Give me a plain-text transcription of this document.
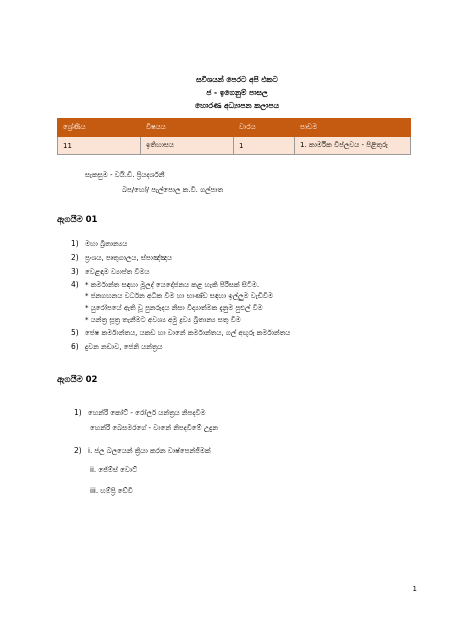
සවිශයන් පෙරට අපි එකට
ජ - ඉගෙනුම් පාසල
හොරණ අධ්‍යාපන කලාපය
ශ්‍රේණිය	විෂයය	වාරය	පාඩම
11	ඉතිහාසය	1	1. කාර්මික විප්ලවය - පිළිතුරු
සැකසුම - වයි.ඩී. ප්‍රියදර්ශනී
බප/හෝ/ පැල්පොල ක.වි. ගල්පාත
ඇගයීම 01
1) මහා බ්‍රිතාන්‍යය
2) ප්‍රංශය, පෘතුගාලය, ස්පාඤ්ඤය
3) වෙළඳාම ව්‍යාප්ත වීමය
4) * කර්මාන්ත සඳහා මූලද් යෙදෝජනය කළ හැකි පිරිසක් සිටීම.
* ජනගහනය වර්ධන අධික වීම හා භාණ්ඩ සඳහා ඉල්ලුම වැඩිවීම
* යුරෝපයේ ඇති වූ පුනරුදය නිසා විද්‍යාත්මක දැනුම පුළුල් වීම
* යන්ත්‍ර සූත්‍ර තැනීමට අවශ්‍ය අමු ද්‍රව්‍ය බ්‍රිතාන්‍ය සතු වීම
5) ජෙෂ කර්මාන්තය, යකඩ හා වානේ කර්මාන්තය, ගල් අඟුරු කර්මාන්තය
6) දුවන නඩාව, ජෙනි යන්ත්‍රය
ඇගයීම 02
1) හෙන්රි කෝට් - රෝලර් යන්ත්‍රය නිපදවීම
හෙන්රි බෙසමරගේ - වානේ නිපදවීමේ උදුන
2) i. ජල බලයෙන් ක්‍රියා කරන වාෂ්පෙන්ජිමක්
ii. ජේම්ස් වොට්
iii. හම්ප්‍රි ඩේවි
1
